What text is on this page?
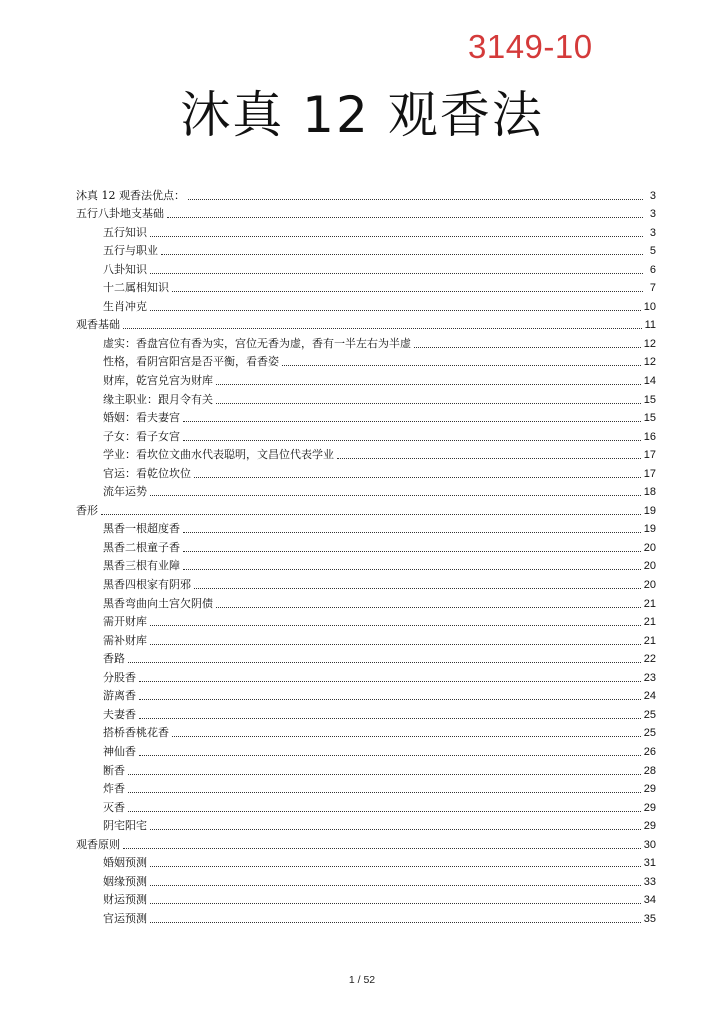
3149-10
沐真 12 观香法
沐真 12 观香法优点：	3
五行八卦地支基础	3
五行知识	3
五行与职业	5
八卦知识	6
十二属相知识	7
生肖冲克	10
观香基础	11
虚实：香盘宫位有香为实，宫位无香为虚，香有一半左右为半虚	12
性格，看阴宫阳宫是否平衡，看香姿	12
财库，乾宫兑宫为财库	14
缘主职业：跟月令有关	15
婚姻：看夫妻宫	15
子女：看子女宫	16
学业：看坎位文曲水代表聪明，文昌位代表学业	17
官运：看乾位坎位	17
流年运势	18
香形	19
黑香一根超度香	19
黑香二根童子香	20
黑香三根有业障	20
黑香四根家有阴邪	20
黑香弯曲向土宫欠阴债	21
需开财库	21
需补财库	21
香路	22
分股香	23
游离香	24
夫妻香	25
搭桥香桃花香	25
神仙香	26
断香	28
炸香	29
灭香	29
阴宅阳宅	29
观香原则	30
婚姻预测	31
姻缘预测	33
财运预测	34
官运预测	35
1 / 52
